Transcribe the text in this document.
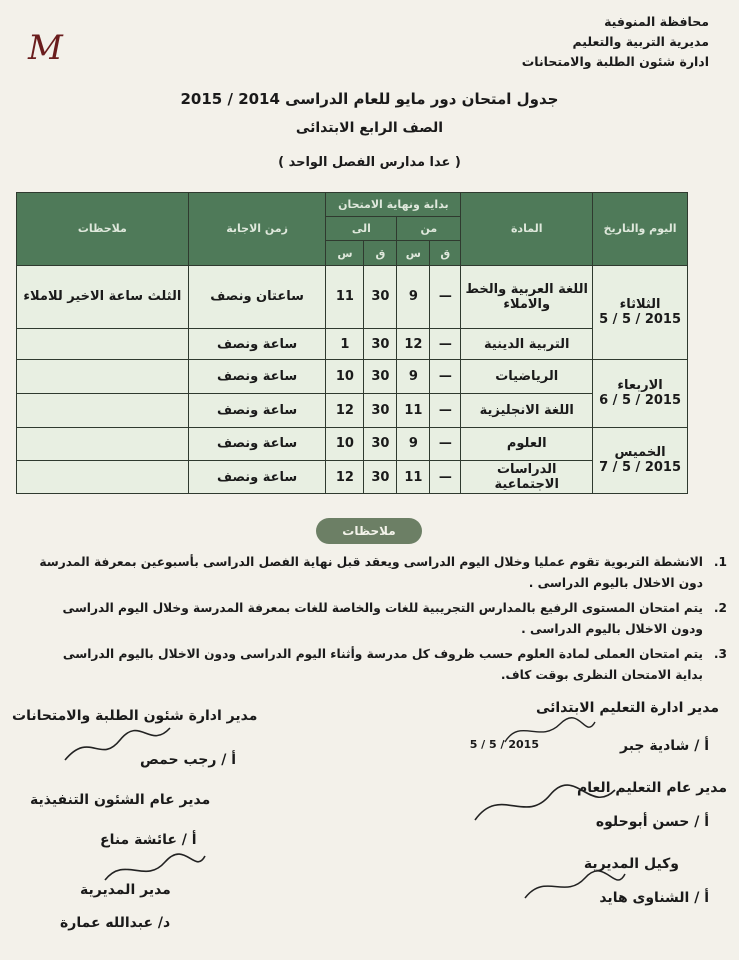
محافظة المنوفية
مديرية التربية والتعليم
ادارة شئون الطلبة والامتحانات
M
جدول امتحان دور مايو للعام الدراسى 2014 / 2015
الصف الرابع الابتدائى
( عدا مدارس الفصل الواحد )
اليوم والتاريخ	المادة	بداية ونهاية الامتحان				زمن الاجابة	ملاحظات
		من		الى			
		ق	س	ق	س		

الثلاثاء
2015 / 5 / 5	اللغة العربية والخط والاملاء	—	9	30	11	ساعتان ونصف	الثلث ساعة الاخير للاملاء
	التربية الدينية	—	12	30	1	ساعة ونصف	

الاربعاء
2015 / 5 / 6	الرياضيات	—	9	30	10	ساعة ونصف	
	اللغة الانجليزية	—	11	30	12	ساعة ونصف	

الخميس
2015 / 5 / 7	العلوم	—	9	30	10	ساعة ونصف	
	الدراسات الاجتماعية	—	11	30	12	ساعة ونصف	
ملاحظات
1.
الانشطة التربوية تقوم عمليا وخلال اليوم الدراسى ويعقد قبل نهاية الفصل الدراسى بأسبوعين بمعرفة المدرسة
دون الاخلال باليوم الدراسى .
2.
يتم امتحان المستوى الرفيع بالمدارس التجريبية للغات والخاصة للغات بمعرفة المدرسة وخلال اليوم الدراسى
ودون الاخلال باليوم الدراسى .
3.
يتم امتحان العملى لمادة العلوم حسب ظروف كل مدرسة وأثناء اليوم الدراسى ودون الاخلال باليوم الدراسى
بداية الامتحان النظرى بوقت كاف.
مدير ادارة شئون الطلبة والامتحانات
أ / رجب حمص
مدير عام الشئون التنفيذية
أ / عائشة مناع
مدير المديرية
د/ عبدالله عمارة
مدير ادارة التعليم الابتدائى
أ / شادية جبر
2015 / 5 / 5
مدير عام التعليم العام
أ / حسن أبوحلوه
وكيل المديرية
أ / الشناوى هايد
